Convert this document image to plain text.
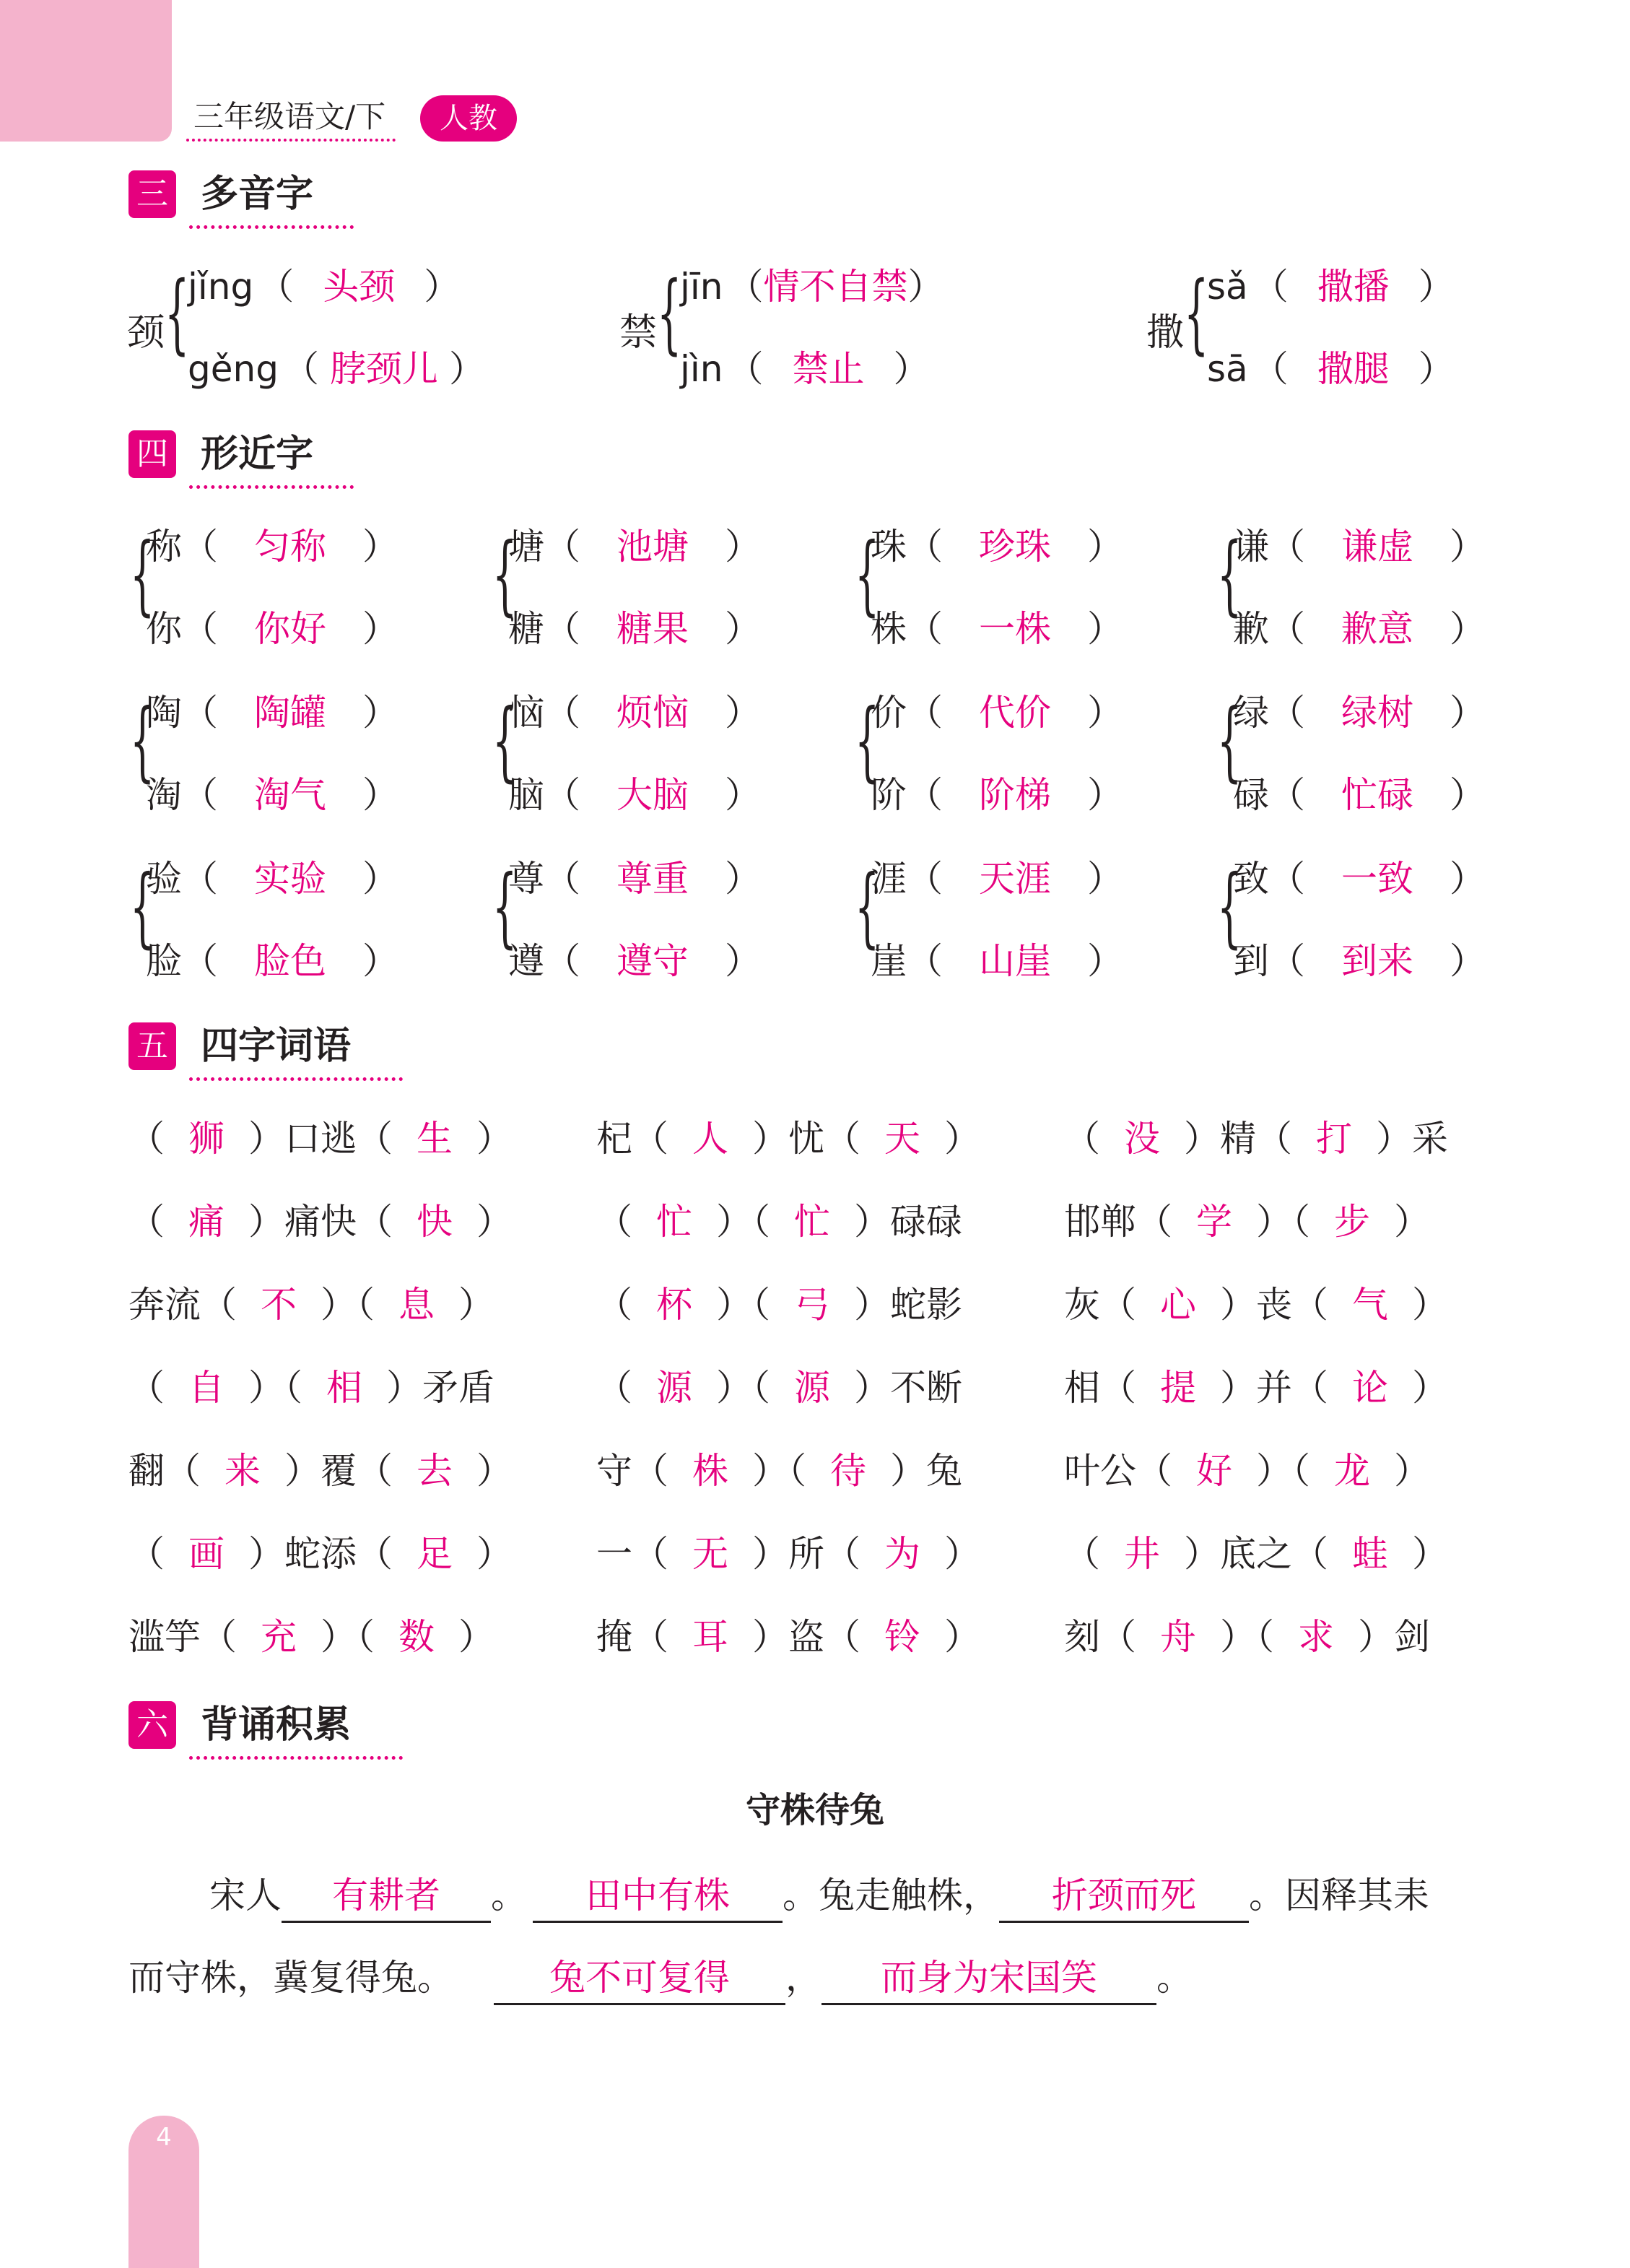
三年级语文/下	人教
三 多音字
颈 {
jǐng （ 头颈 ）
gěng （ 脖颈儿 ）
禁 {
jīn （情不自禁）
jìn （ 禁止 ）
撒 {
sǎ （ 撒播 ）
sā （ 撒腿 ）
四 形近字
{
称（ 匀称 ）
你（ 你好 ）
{
塘（ 池塘 ）
糖（ 糖果 ）
{
珠（ 珍珠 ）
株（ 一株 ）
{
谦（ 谦虚 ）
歉（ 歉意 ）
{
陶（ 陶罐 ）
淘（ 淘气 ）
{
恼（ 烦恼 ）
脑（ 大脑 ）
{
价（ 代价 ）
阶（ 阶梯 ）
{
绿（ 绿树 ）
碌（ 忙碌 ）
{
验（ 实验 ）
脸（ 脸色 ）
{
尊（ 尊重 ）
遵（ 遵守 ）
{
涯（ 天涯 ）
崖（ 山崖 ）
{
致（ 一致 ）
到（ 到来 ）
五 四字词语
（ 狮 ）口逃（ 生 ）	杞（ 人 ）忧（ 天 ）	（ 没 ）精（ 打 ）采
（ 痛 ）痛快（ 快 ）	（ 忙 ）（ 忙 ）碌碌	邯郸（ 学 ）（ 步 ）
奔流（ 不 ）（ 息 ）	（ 杯 ）（ 弓 ）蛇影	灰（ 心 ）丧（ 气 ）
（ 自 ）（ 相 ）矛盾	（ 源 ）（ 源 ）不断	相（ 提 ）并（ 论 ）
翻（ 来 ）覆（ 去 ）	守（ 株 ）（ 待 ）兔	叶公（ 好 ）（ 龙 ）
（ 画 ）蛇添（ 足 ）	一（ 无 ）所（ 为 ）	（ 井 ）底之（ 蛙 ）
滥竽（ 充 ）（ 数 ）	掩（ 耳 ）盗（ 铃 ）	刻（ 舟 ）（ 求 ）剑
六 背诵积累
守株待兔
宋人 有耕者 。 田中有株 。兔走触株， 折颈而死 。因释其耒
而守株，冀复得兔。	兔不可复得 ， 而身为宋国笑 。
4
